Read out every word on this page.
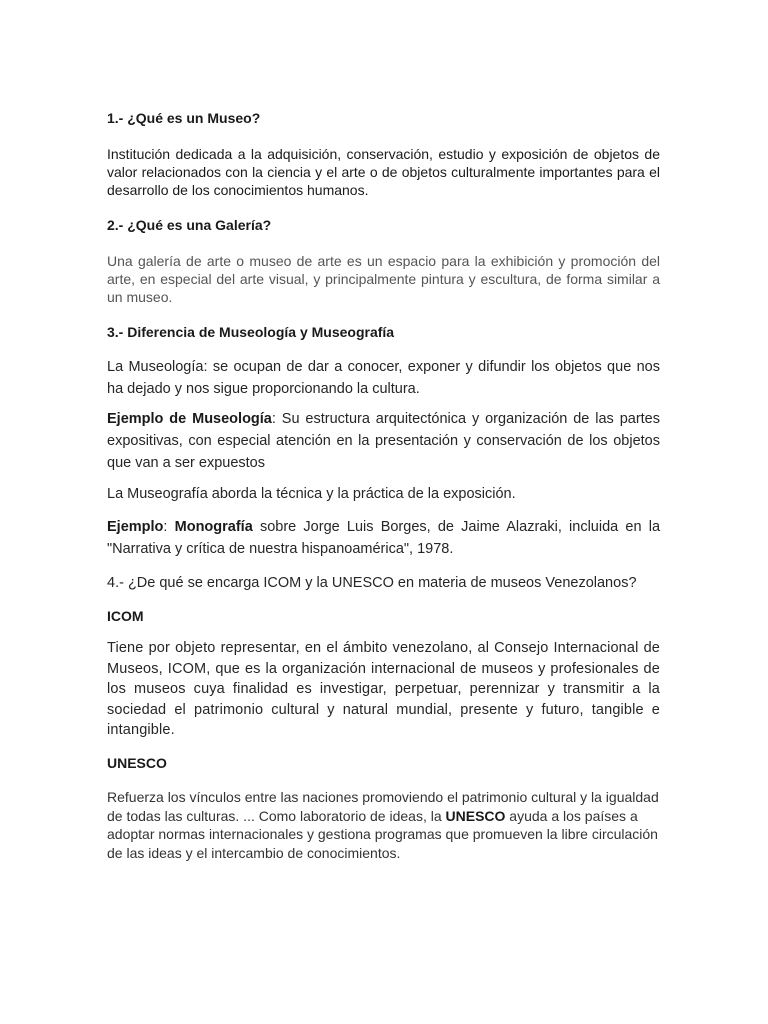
1.- ¿Qué es un Museo?

Institución dedicada a la adquisición, conservación, estudio y exposición de objetos de valor relacionados con la ciencia y el arte o de objetos culturalmente importantes para el desarrollo de los conocimientos humanos.

2.- ¿Qué es una Galería?

Una galería de arte o museo de arte es un espacio para la exhibición y promoción del arte, en especial del arte visual, y principalmente pintura y escultura, de forma similar a un museo.

3.- Diferencia de Museología y Museografía

La Museología: se ocupan de dar a conocer, exponer y difundir los objetos que nos ha dejado y nos sigue proporcionando la cultura.

Ejemplo de Museología: Su estructura arquitectónica y organización de las partes expositivas, con especial atención en la presentación y conservación de los objetos que van a ser expuestos

La Museografía aborda la técnica y la práctica de la exposición.

Ejemplo: Monografía sobre Jorge Luis Borges, de Jaime Alazraki, incluida en la "Narrativa y crítica de nuestra hispanoamérica", 1978.

4.- ¿De qué se encarga ICOM y la UNESCO en materia de museos Venezolanos?

ICOM

Tiene por objeto representar, en el ámbito venezolano, al Consejo Internacional de Museos, ICOM, que es la organización internacional de museos y profesionales de los museos cuya finalidad es investigar, perpetuar, perennizar y transmitir a la sociedad el patrimonio cultural y natural mundial, presente y futuro, tangible e intangible.

UNESCO

Refuerza los vínculos entre las naciones promoviendo el patrimonio cultural y la igualdad de todas las culturas. ... Como laboratorio de ideas, la UNESCO ayuda a los países a adoptar normas internacionales y gestiona programas que promueven la libre circulación de las ideas y el intercambio de conocimientos.
